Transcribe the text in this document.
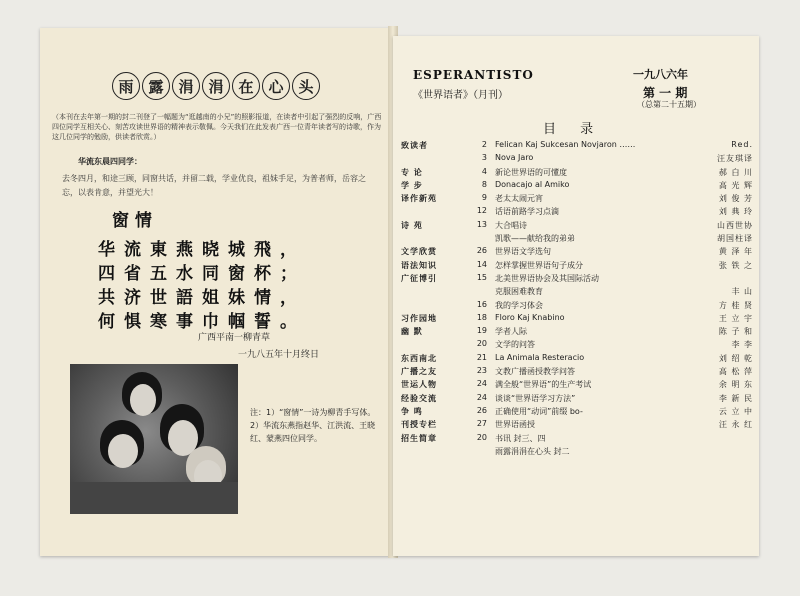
雨 露 涓 涓 在 心 头
（本刊在去年第一期的封二刊登了一幅题为“逛越南的小兄”的照影报道，在读者中引起了强烈的反响，广西四位同学互相关心、刻苦攻读世界语的精神表示敬佩。今天我们在此发表广西一位青年读者写的诗歌，作为这几位同学的勉励，供读者欣赏。）
华流东晨四同学：
去冬四月，和途三顾，同窗共话，并留二载，学业优良，祖妹手足，为普者师，岳容之忘，以表肯意，并望光大！
窗 情
华流東燕晓城飛，
四省五水同窗杯；
共济世語姐妹情，
何惧寒事巾帼誓。
广西平南一柳青草
一九八五年十月终日
注：1）“窗情”一诗为柳青手写体。2）华流东燕指赵华、江洪流、王晓红、蒙燕四位同学。
ESPERANTISTO	一九八六年
《世界语者》（月刊）	第 一 期
（总第二十五期）
目 录
致读者	2 Felican Kaj Sukcesan Novjaron ……	Red.
3 Nova Jaro	汪友琪译
专 论	4 新论世界语的可懂度	郝 白 川
学 步	8 Donacajo al Amiko	高 光 辉
译作新苑	9 老太太闹元宵	刘 俊 芳
12 话语前路学习点滴	刘 典 玲
诗 苑	13 大合唱诗	山西世协
凯歌——献给我的弟弟	胡国柱译
文学欣赏	26 世界语文学选句	黄 泽 年
语法知识	14 怎样掌握世界语句子成分	张 铁 之
广征博引	15 北美世界语协会及其国际活动
克服困难教育	丰 山
16 我的学习体会	方 桂 贤
习作园地	18 Floro Kaj Knabino	王 立 宇
幽 默	19 学者人际	陈 子 和
20 文学的问答	李 李
东西南北	21 La Animala Resteracio	刘 绍 乾
广播之友	23 文教广播函授教学问答	高 松 萍
世运人物	24 满全般“世界语”的生产考试	余 明 东
经验交流	24 谈谈“世界语学习方法”	李 新 民
争 鸣	26 正确使用“动词”前缀 bo-	云 立 中
刊授专栏	27 世界语函授	汪 永 红
招生简章	20 书讯 封三、四
雨露涓涓在心头 封二
